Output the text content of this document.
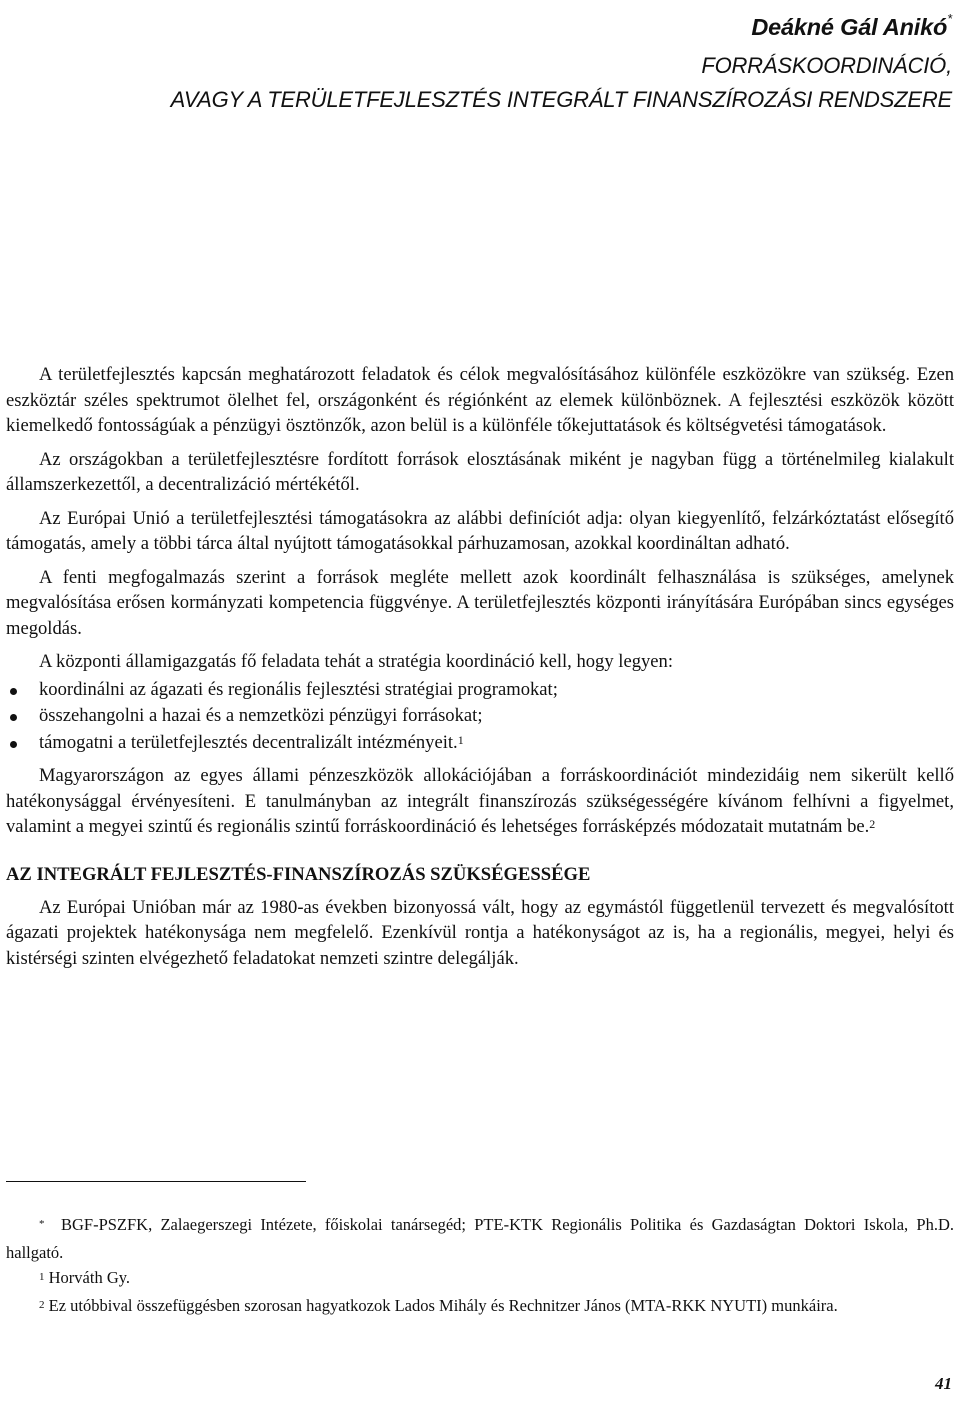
Deákné Gál Anikó*
FORRÁSKOORDINÁCIÓ,
AVAGY A TERÜLETFEJLESZTÉS INTEGRÁLT FINANSZÍROZÁSI RENDSZERE

A területfejlesztés kapcsán meghatározott feladatok és célok megvalósításához különféle eszközökre van szükség. Ezen eszköztár széles spektrumot ölelhet fel, országonként és régiónként az elemek különböznek. A fejlesztési eszközök között kiemelkedő fontosságúak a pénzügyi ösztönzők, azon belül is a különféle tőkejuttatások és költségvetési támogatások.

Az országokban a területfejlesztésre fordított források elosztásának miként je nagyban függ a történelmileg kialakult államszerkezettől, a decentralizáció mértékétől.

Az Európai Unió a területfejlesztési támogatásokra az alábbi definíciót adja: olyan kiegyenlítő, felzárkóztatást elősegítő támogatás, amely a többi tárca által nyújtott támogatásokkal párhuzamosan, azokkal koordináltan adható.

A fenti megfogalmazás szerint a források megléte mellett azok koordinált felhasználása is szükséges, amelynek megvalósítása erősen kormányzati kompetencia függvénye. A területfejlesztés központi irányítására Európában sincs egységes megoldás.

A központi államigazgatás fő feladata tehát a stratégia koordináció kell, hogy legyen:

koordinálni az ágazati és regionális fejlesztési stratégiai programokat;
összehangolni a hazai és a nemzetközi pénzügyi forrásokat;
támogatni a területfejlesztés decentralizált intézményeit.$^1$

Magyarországon az egyes állami pénzeszközök allokációjában a forráskoordinációt mindezidáig nem sikerült kellő hatékonysággal érvényesíteni. E tanulmányban az integrált finanszírozás szükségességére kívánom felhívni a figyelmet, valamint a megyei szintű és regionális szintű forráskoordináció és lehetséges forrásképzés módozatait mutatnám be.$^2$

AZ INTEGRÁLT FEJLESZTÉS-FINANSZÍROZÁS SZÜKSÉGESSÉGE

Az Európai Unióban már az 1980-as években bizonyossá vált, hogy az egymástól függetlenül tervezett és megvalósított ágazati projektek hatékonysága nem megfelelő. Ezenkívül rontja a hatékonyságot az is, ha a regionális, megyei, helyi és kistérségi szinten elvégezhető feladatokat nemzeti szintre delegálják.

* BGF-PSZFK, Zalaegerszegi Intézete, főiskolai tanársegéd; PTE-KTK Regionális Politika és Gazdaságtan Doktori Iskola, Ph.D. hallgató.

$^1$ Horváth Gy.

$^2$ Ez utóbbival összefüggésben szorosan hagyatkozok Lados Mihály és Rechnitzer János (MTA-RKK NYUTI) munkáira.

41
